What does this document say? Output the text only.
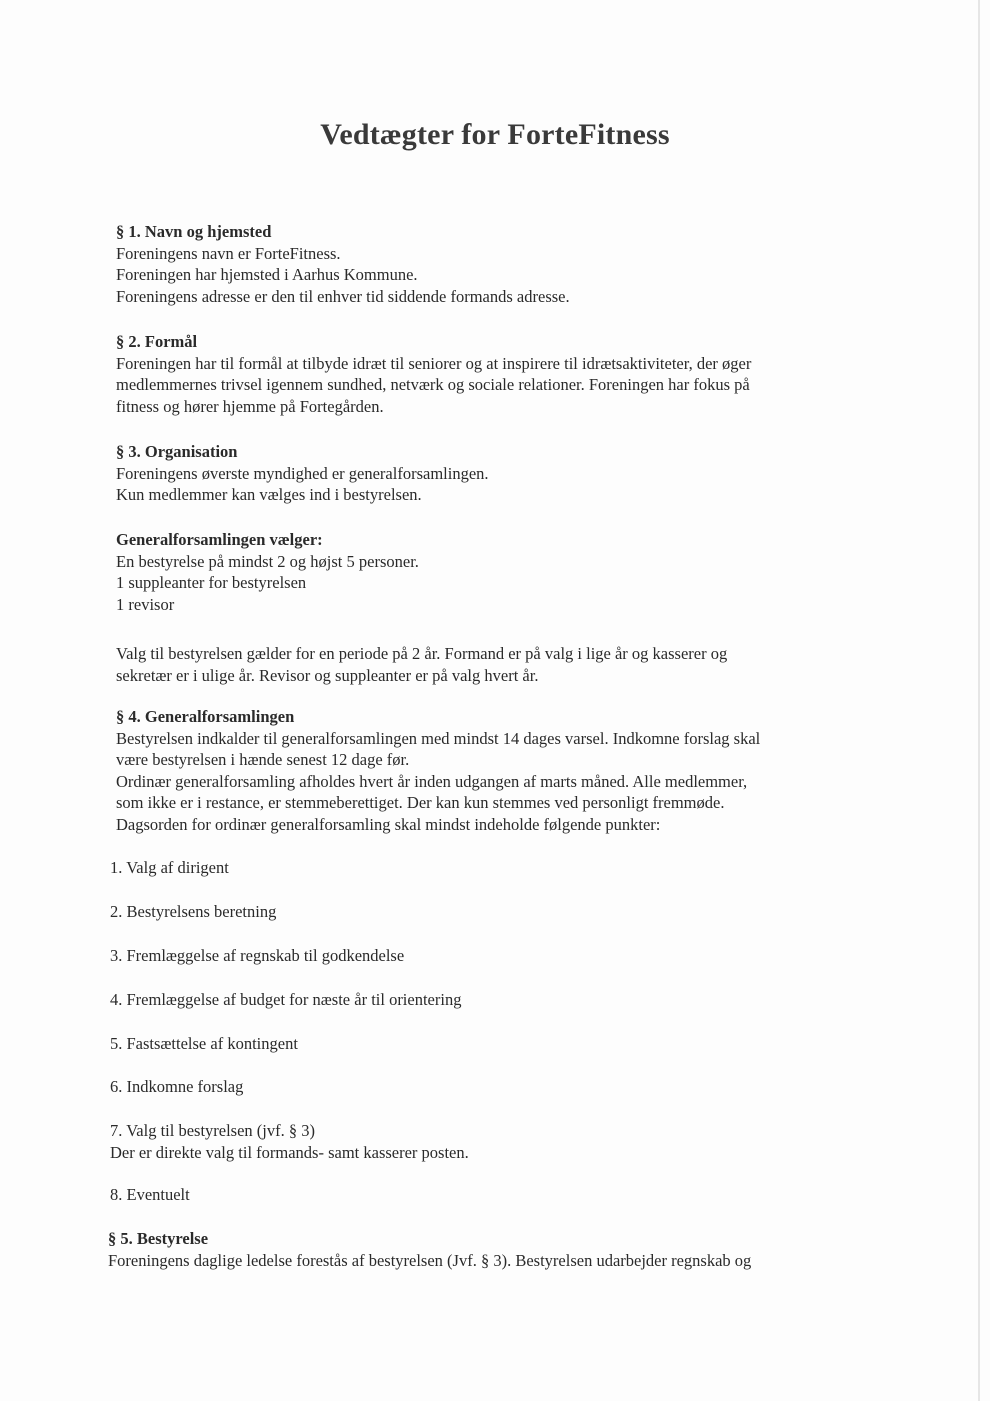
Vedtægter for ForteFitness
§ 1. Navn og hjemsted
Foreningens navn er ForteFitness.
Foreningen har hjemsted i Aarhus Kommune.
Foreningens adresse er den til enhver tid siddende formands adresse.
§ 2. Formål
Foreningen har til formål at tilbyde idræt til seniorer og at inspirere til idrætsaktiviteter, der øger
medlemmernes trivsel igennem sundhed, netværk og sociale relationer. Foreningen har fokus på
fitness og hører hjemme på Fortegården.
§ 3. Organisation
Foreningens øverste myndighed er generalforsamlingen.
Kun medlemmer kan vælges ind i bestyrelsen.
Generalforsamlingen vælger:
En bestyrelse på mindst 2 og højst 5 personer.
1 suppleanter for bestyrelsen
1 revisor
Valg til bestyrelsen gælder for en periode på 2 år. Formand er på valg i lige år og kasserer og
sekretær er i ulige år. Revisor og suppleanter er på valg hvert år.
§ 4. Generalforsamlingen
Bestyrelsen indkalder til generalforsamlingen med mindst 14 dages varsel. Indkomne forslag skal
være bestyrelsen i hænde senest 12 dage før.
Ordinær generalforsamling afholdes hvert år inden udgangen af marts måned. Alle medlemmer,
som ikke er i restance, er stemmeberettiget. Der kan kun stemmes ved personligt fremmøde.
Dagsorden for ordinær generalforsamling skal mindst indeholde følgende punkter:
1. Valg af dirigent
2. Bestyrelsens beretning
3. Fremlæggelse af regnskab til godkendelse
4. Fremlæggelse af budget for næste år til orientering
5. Fastsættelse af kontingent
6. Indkomne forslag
7. Valg til bestyrelsen (jvf. § 3)
Der er direkte valg til formands- samt kasserer posten.
8. Eventuelt
§ 5. Bestyrelse
Foreningens daglige ledelse forestås af bestyrelsen (Jvf. § 3). Bestyrelsen udarbejder regnskab og
